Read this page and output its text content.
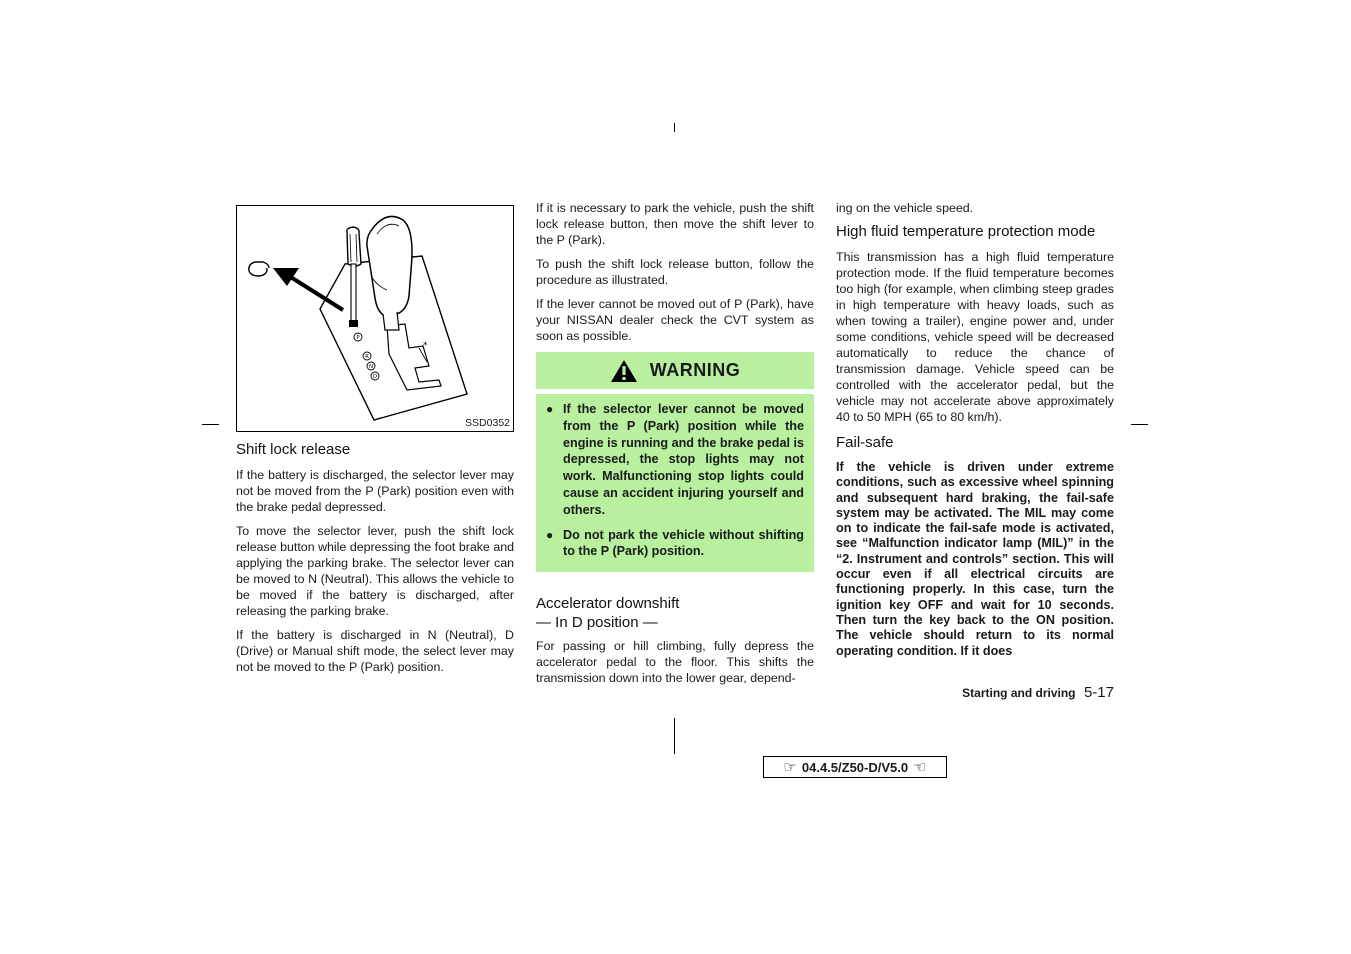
*
P
R
N
D
SSD0352
Shift lock release

If the battery is discharged, the selector lever may not be moved from the P (Park) position even with the brake pedal depressed.

To move the selector lever, push the shift lock release button while depressing the foot brake and applying the parking brake. The selector lever can be moved to N (Neutral). This allows the vehicle to be moved if the battery is discharged, after releasing the parking brake.

If the battery is discharged in N (Neutral), D (Drive) or Manual shift mode, the select lever may not be moved to the P (Park) position.

If it is necessary to park the vehicle, push the shift lock release button, then move the shift lever to the P (Park).

To push the shift lock release button, follow the procedure as illustrated.

If the lever cannot be moved out of P (Park), have your NISSAN dealer check the CVT system as soon as possible.

WARNING
● If the selector lever cannot be moved from the P (Park) position while the engine is running and the brake pedal is depressed, the stop lights may not work. Malfunctioning stop lights could cause an accident injuring yourself and others.
● Do not park the vehicle without shifting to the P (Park) position.
Accelerator downshift
— In D position —

For passing or hill climbing, fully depress the accelerator pedal to the floor. This shifts the transmission down into the lower gear, depend-

ing on the vehicle speed.

High fluid temperature protection mode

This transmission has a high fluid temperature protection mode. If the fluid temperature becomes too high (for example, when climbing steep grades in high temperature with heavy loads, such as when towing a trailer), engine power and, under some conditions, vehicle speed will be decreased automatically to reduce the chance of transmission damage. Vehicle speed can be controlled with the accelerator pedal, but the vehicle may not accelerate above approximately 40 to 50 MPH (65 to 80 km/h).

Fail-safe

If the vehicle is driven under extreme conditions, such as excessive wheel spinning and subsequent hard braking, the fail-safe system may be activated. The MIL may come on to indicate the fail-safe mode is activated, see “Malfunction indicator lamp (MIL)” in the “2. Instrument and controls” section. This will occur even if all electrical circuits are functioning properly. In this case, turn the ignition key OFF and wait for 10 seconds. Then turn the key back to the ON position. The vehicle should return to its normal operating condition. If it does

Starting and driving 5-17
☞ 04.4.5/Z50-D/V5.0 ☜
